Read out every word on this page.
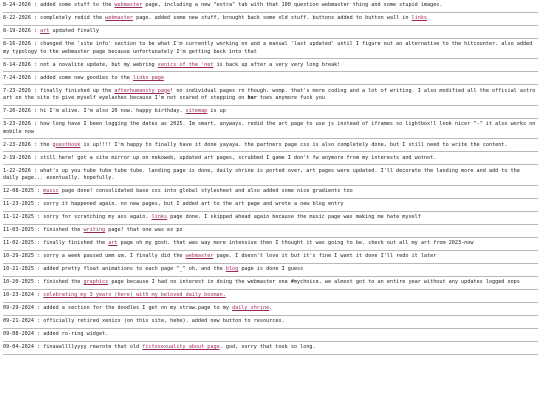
8-24-2026 : added some stuff to the webmaster page, including a new "extra" tab with that 100 question webmaster thing and some stupid images.
8-22-2026 : completely redid the webmaster page. added some new stuff, brought back some old stuff. buttons added to button wall in links
8-19-2026 : art updated finally
8-16-2026 : changed the 'site info' section to be what I'm currently working on and a manual 'last updated' until I figure out an alternative to the hitcounter. also added my typology to the webmaster page because unfortunately I'm getting back into that
8-14-2026 : not a novalite update, but my webring xenics of the 'net is back up after a very very long break!
7-24-2026 : added some new goodies to the links page
7-23-2026 : finally finished up the afterhumanity page! no individual pages rn though. womp. that's more coding and a lot of writing. I also modified all the official astro art on the site to give myself eyelashes because I'm not scared of stepping on her toes anymore fuck you
7-20-2026 : hi I'm alive. I'm also 20 now. happy birthday. sitemap is up
3-23-2026 : how long have I been logging the dates as 2025. Im smart. anyways. redid the art page to use js instead of iframes so lightbox!l look nicer ^-^ it also works on mobile now
2-23-2026 : the guestbook is up!!!! I'm happy to finally have it done yayaya. the partners page css is also completely done, but I still need to write the content.
2-19-2026 : still here! got a site mirror up on nekoweb, updated art pages, scrubbed I game I don't fw anymore from my interests and wotnot.
1-22-2026 : what's up you tube tube tube tube. landing page is done, daily shrine is ported over, art pages were updated. I'll decorate the landing more and add to the daily page... eventually. hopefully.
12-08-2025 : music page done! consolidated base css into global stylesheet and also added some nice gradients too
11-23-2025 : sorry it happened again. no new pages, but I added art to the art page and wrote a new blog entry
11-12-2025 : sorry for scratching my ass again. links page done. I skipped ahead again because the music page was making me hate myself
11-03-2025 : finished the writing page! that one was ez pz
11-02-2025 : finally finished the art page oh my gosh. that was way more intensive then I thought it was going to be. check out all my art from 2023-now
10-29-2025 : sorry a week passed umm um. I finally did the webmaster page. I doesn't love it but it's fine I want it done I'll redo it later
10-21-2025 : added pretty float animations to each page ^_^ oh, and the blog page is done I guess
10-20-2025 : finished the graphics page because I had no interest in doing the webmaster one #mychoice. we almost got to an entire year without any updates logged oops
10-23-2024 : celebrating my 3 years (here) with my beloved daily boxman.
09-29-2024 : added a section for the doodles I get on my straw.page to my daily shrine.
09-21-2024 : officially retired xenics (on this site, hehe). added new button to resources.
09-08-2024 : added ro-ring widget.
09-04-2024 : finaaallllyyyy rewrote that old fictosexuality about page. god, sorry that took so long.
